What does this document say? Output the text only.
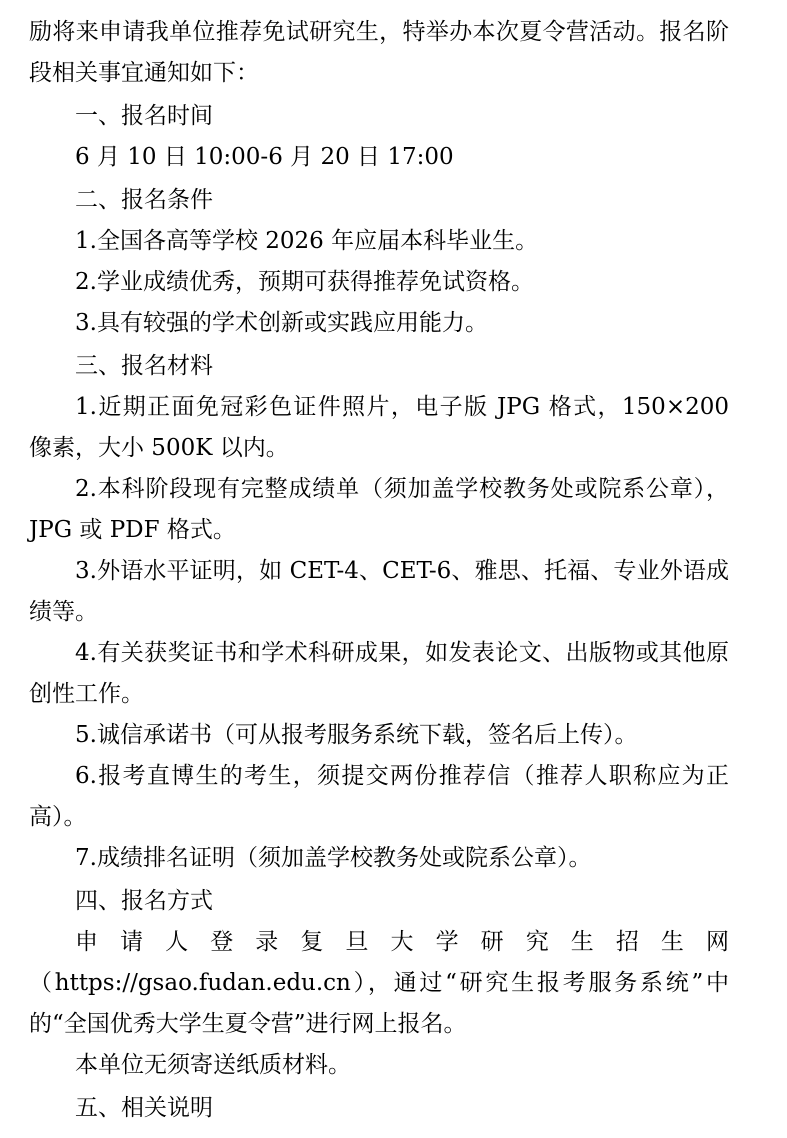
励将来申请我单位推荐免试研究生，特举办本次夏令营活动。报名阶段相关事宜通知如下：

一、报名时间

6 月 10 日 10:00-6 月 20 日 17:00

二、报名条件

1.全国各高等学校 2026 年应届本科毕业生。

2.学业成绩优秀，预期可获得推荐免试资格。

3.具有较强的学术创新或实践应用能力。

三、报名材料

1.近期正面免冠彩色证件照片，电子版 JPG 格式，150×200 像素，大小 500K 以内。

2.本科阶段现有完整成绩单（须加盖学校教务处或院系公章），JPG 或 PDF 格式。

3.外语水平证明，如 CET-4、CET-6、雅思、托福、专业外语成绩等。

4.有关获奖证书和学术科研成果，如发表论文、出版物或其他原创性工作。

5.诚信承诺书（可从报考服务系统下载，签名后上传）。

6.报考直博生的考生，须提交两份推荐信（推荐人职称应为正高）。

7.成绩排名证明（须加盖学校教务处或院系公章）。

四、报名方式

申请人登录复旦大学研究生招生网（https://gsao.fudan.edu.cn），通过“研究生报考服务系统”中的“全国优秀大学生夏令营”进行网上报名。

本单位无须寄送纸质材料。

五、相关说明
